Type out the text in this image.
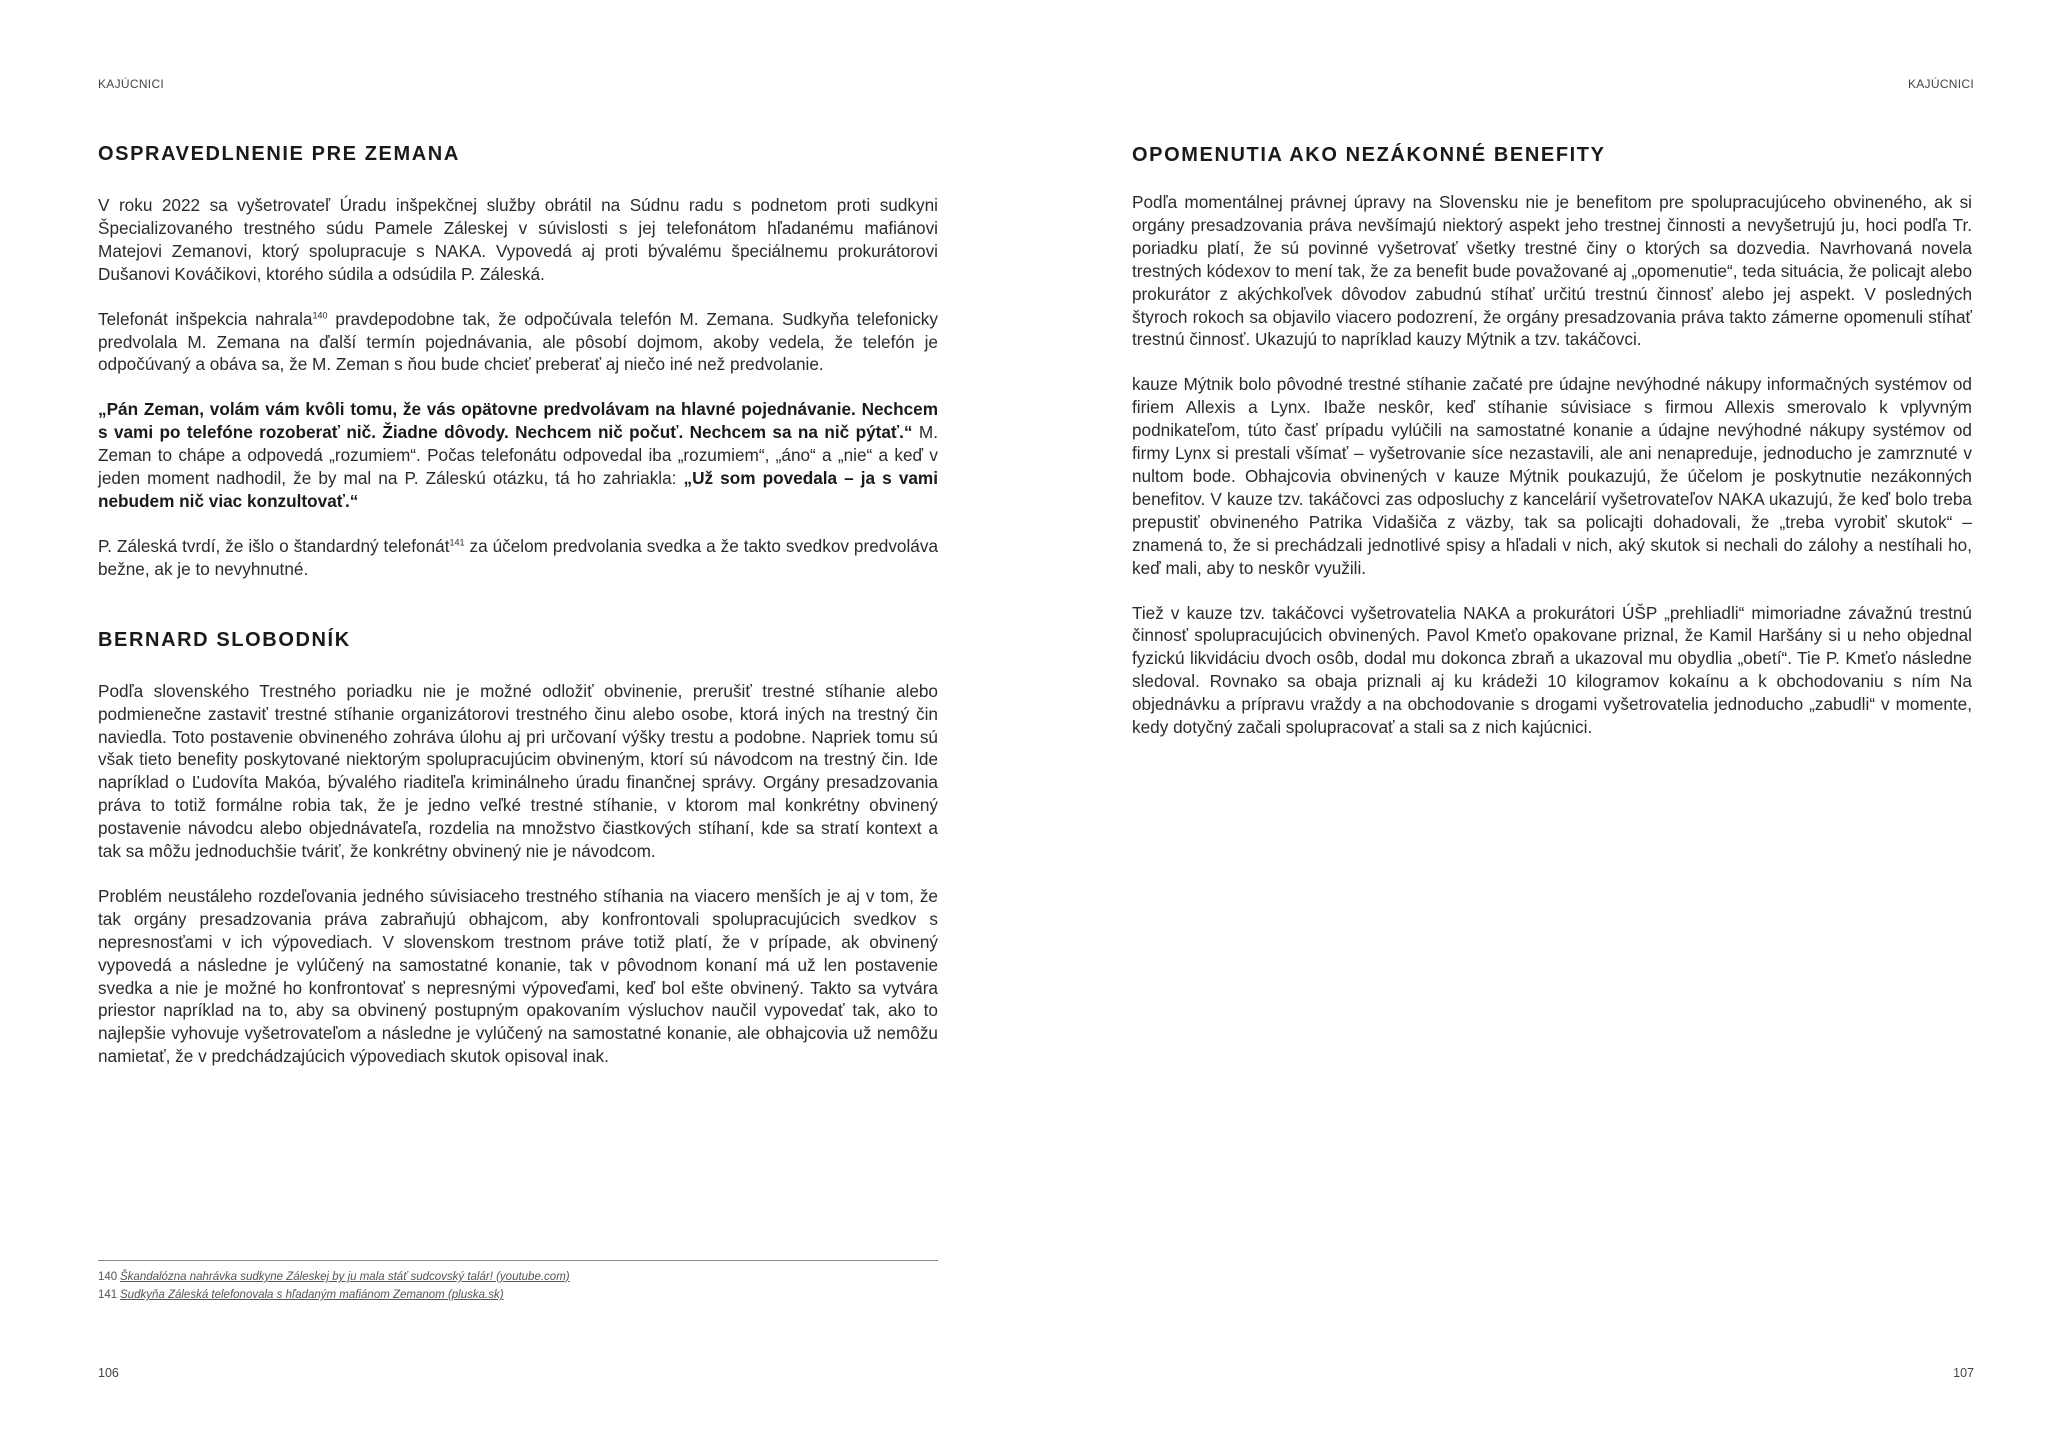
KAJÚCNICI
OSPRAVEDLNENIE PRE ZEMANA

V roku 2022 sa vyšetrovateľ Úradu inšpekčnej služby obrátil na Súdnu radu s podnetom proti sudkyni Špecializovaného trestného súdu Pamele Záleskej v súvislosti s jej telefonátom hľadanému mafiánovi Matejovi Zemanovi, ktorý spolupracuje s NAKA. Vypovedá aj proti bývalému špeciálnemu prokurátorovi Dušanovi Kováčikovi, ktorého súdila a odsúdila P. Záleská.

Telefonát inšpekcia nahrala$^{140}$ pravdepodobne tak, že odpočúvala telefón M. Zemana. Sudkyňa telefonicky predvolala M. Zemana na ďalší termín pojednávania, ale pôsobí dojmom, akoby vedela, že telefón je odpočúvaný a obáva sa, že M. Zeman s ňou bude chcieť preberať aj niečo iné než predvolanie.

„Pán Zeman, volám vám kvôli tomu, že vás opätovne predvolávam na hlavné pojednávanie. Nechcem s vami po telefóne rozoberať nič. Žiadne dôvody. Nechcem nič počuť. Nechcem sa na nič pýtať.“ M. Zeman to chápe a odpovedá „rozumiem“. Počas telefonátu odpovedal iba „rozumiem“, „áno“ a „nie“ a keď v jeden moment nadhodil, že by mal na P. Záleskú otázku, tá ho zahriakla: „Už som povedala – ja s vami nebudem nič viac konzultovať.“

P. Záleská tvrdí, že išlo o štandardný telefonát$^{141}$ za účelom predvolania svedka a že takto svedkov predvoláva bežne, ak je to nevyhnutné.

BERNARD SLOBODNÍK

Podľa slovenského Trestného poriadku nie je možné odložiť obvinenie, prerušiť trestné stíhanie alebo podmienečne zastaviť trestné stíhanie organizátorovi trestného činu alebo osobe, ktorá iných na trestný čin naviedla. Toto postavenie obvineného zohráva úlohu aj pri určovaní výšky trestu a podobne. Napriek tomu sú však tieto benefity poskytované niektorým spolupracujúcim obvineným, ktorí sú návodcom na trestný čin. Ide napríklad o Ľudovíta Makóa, bývalého riaditeľa kriminálneho úradu finančnej správy. Orgány presadzovania práva to totiž formálne robia tak, že je jedno veľké trestné stíhanie, v ktorom mal konkrétny obvinený postavenie návodcu alebo objednávateľa, rozdelia na množstvo čiastkových stíhaní, kde sa stratí kontext a tak sa môžu jednoduchšie tváriť, že konkrétny obvinený nie je návodcom.

Problém neustáleho rozdeľovania jedného súvisiaceho trestného stíhania na viacero menších je aj v tom, že tak orgány presadzovania práva zabraňujú obhajcom, aby konfrontovali spolupracujúcich svedkov s nepresnosťami v ich výpovediach. V slovenskom trestnom práve totiž platí, že v prípade, ak obvinený vypovedá a následne je vylúčený na samostatné konanie, tak v pôvodnom konaní má už len postavenie svedka a nie je možné ho konfrontovať s nepresnými výpoveďami, keď bol ešte obvinený. Takto sa vytvára priestor napríklad na to, aby sa obvinený postupným opakovaním výsluchov naučil vypovedať tak, ako to najlepšie vyhovuje vyšetrovateľom a následne je vylúčený na samostatné konanie, ale obhajcovia už nemôžu namietať, že v predchádzajúcich výpovediach skutok opisoval inak.

140 Škandalózna nahrávka sudkyne Záleskej by ju mala stáť sudcovský talár! (youtube.com)
141 Sudkyňa Záleská telefonovala s hľadaným mafiánom Zemanom (pluska.sk)
106
KAJÚCNICI
OPOMENUTIA AKO NEZÁKONNÉ BENEFITY

Podľa momentálnej právnej úpravy na Slovensku nie je benefitom pre spolupracujúceho obvineného, ak si orgány presadzovania práva nevšímajú niektorý aspekt jeho trestnej činnosti a nevyšetrujú ju, hoci podľa Tr. poriadku platí, že sú povinné vyšetrovať všetky trestné činy o ktorých sa dozvedia. Navrhovaná novela trestných kódexov to mení tak, že za benefit bude považované aj „opomenutie“, teda situácia, že policajt alebo prokurátor z akýchkoľvek dôvodov zabudnú stíhať určitú trestnú činnosť alebo jej aspekt. V posledných štyroch rokoch sa objavilo viacero podozrení, že orgány presadzovania práva takto zámerne opomenuli stíhať trestnú činnosť. Ukazujú to napríklad kauzy Mýtnik a tzv. takáčovci.

kauze Mýtnik bolo pôvodné trestné stíhanie začaté pre údajne nevýhodné nákupy informačných systémov od firiem Allexis a Lynx. Ibaže neskôr, keď stíhanie súvisiace s firmou Allexis smerovalo k vplyvným podnikateľom, túto časť prípadu vylúčili na samostatné konanie a údajne nevýhodné nákupy systémov od firmy Lynx si prestali všímať – vyšetrovanie síce nezastavili, ale ani nenapreduje, jednoducho je zamrznuté v nultom bode. Obhajcovia obvinených v kauze Mýtnik poukazujú, že účelom je poskytnutie nezákonných benefitov. V kauze tzv. takáčovci zas odposluchy z kancelárií vyšetrovateľov NAKA ukazujú, že keď bolo treba prepustiť obvineného Patrika Vidašiča z väzby, tak sa policajti dohadovali, že „treba vyrobiť skutok“ – znamená to, že si prechádzali jednotlivé spisy a hľadali v nich, aký skutok si nechali do zálohy a nestíhali ho, keď mali, aby to neskôr využili.

Tiež v kauze tzv. takáčovci vyšetrovatelia NAKA a prokurátori ÚŠP „prehliadli“ mimoriadne závažnú trestnú činnosť spolupracujúcich obvinených. Pavol Kmeťo opakovane priznal, že Kamil Haršány si u neho objednal fyzickú likvidáciu dvoch osôb, dodal mu dokonca zbraň a ukazoval mu obydlia „obetí“. Tie P. Kmeťo následne sledoval. Rovnako sa obaja priznali aj ku krádeži 10 kilogramov kokaínu a k obchodovaniu s ním Na objednávku a prípravu vraždy a na obchodovanie s drogami vyšetrovatelia jednoducho „zabudli“ v momente, kedy dotyčný začali spolupracovať a stali sa z nich kajúcnici.

107
